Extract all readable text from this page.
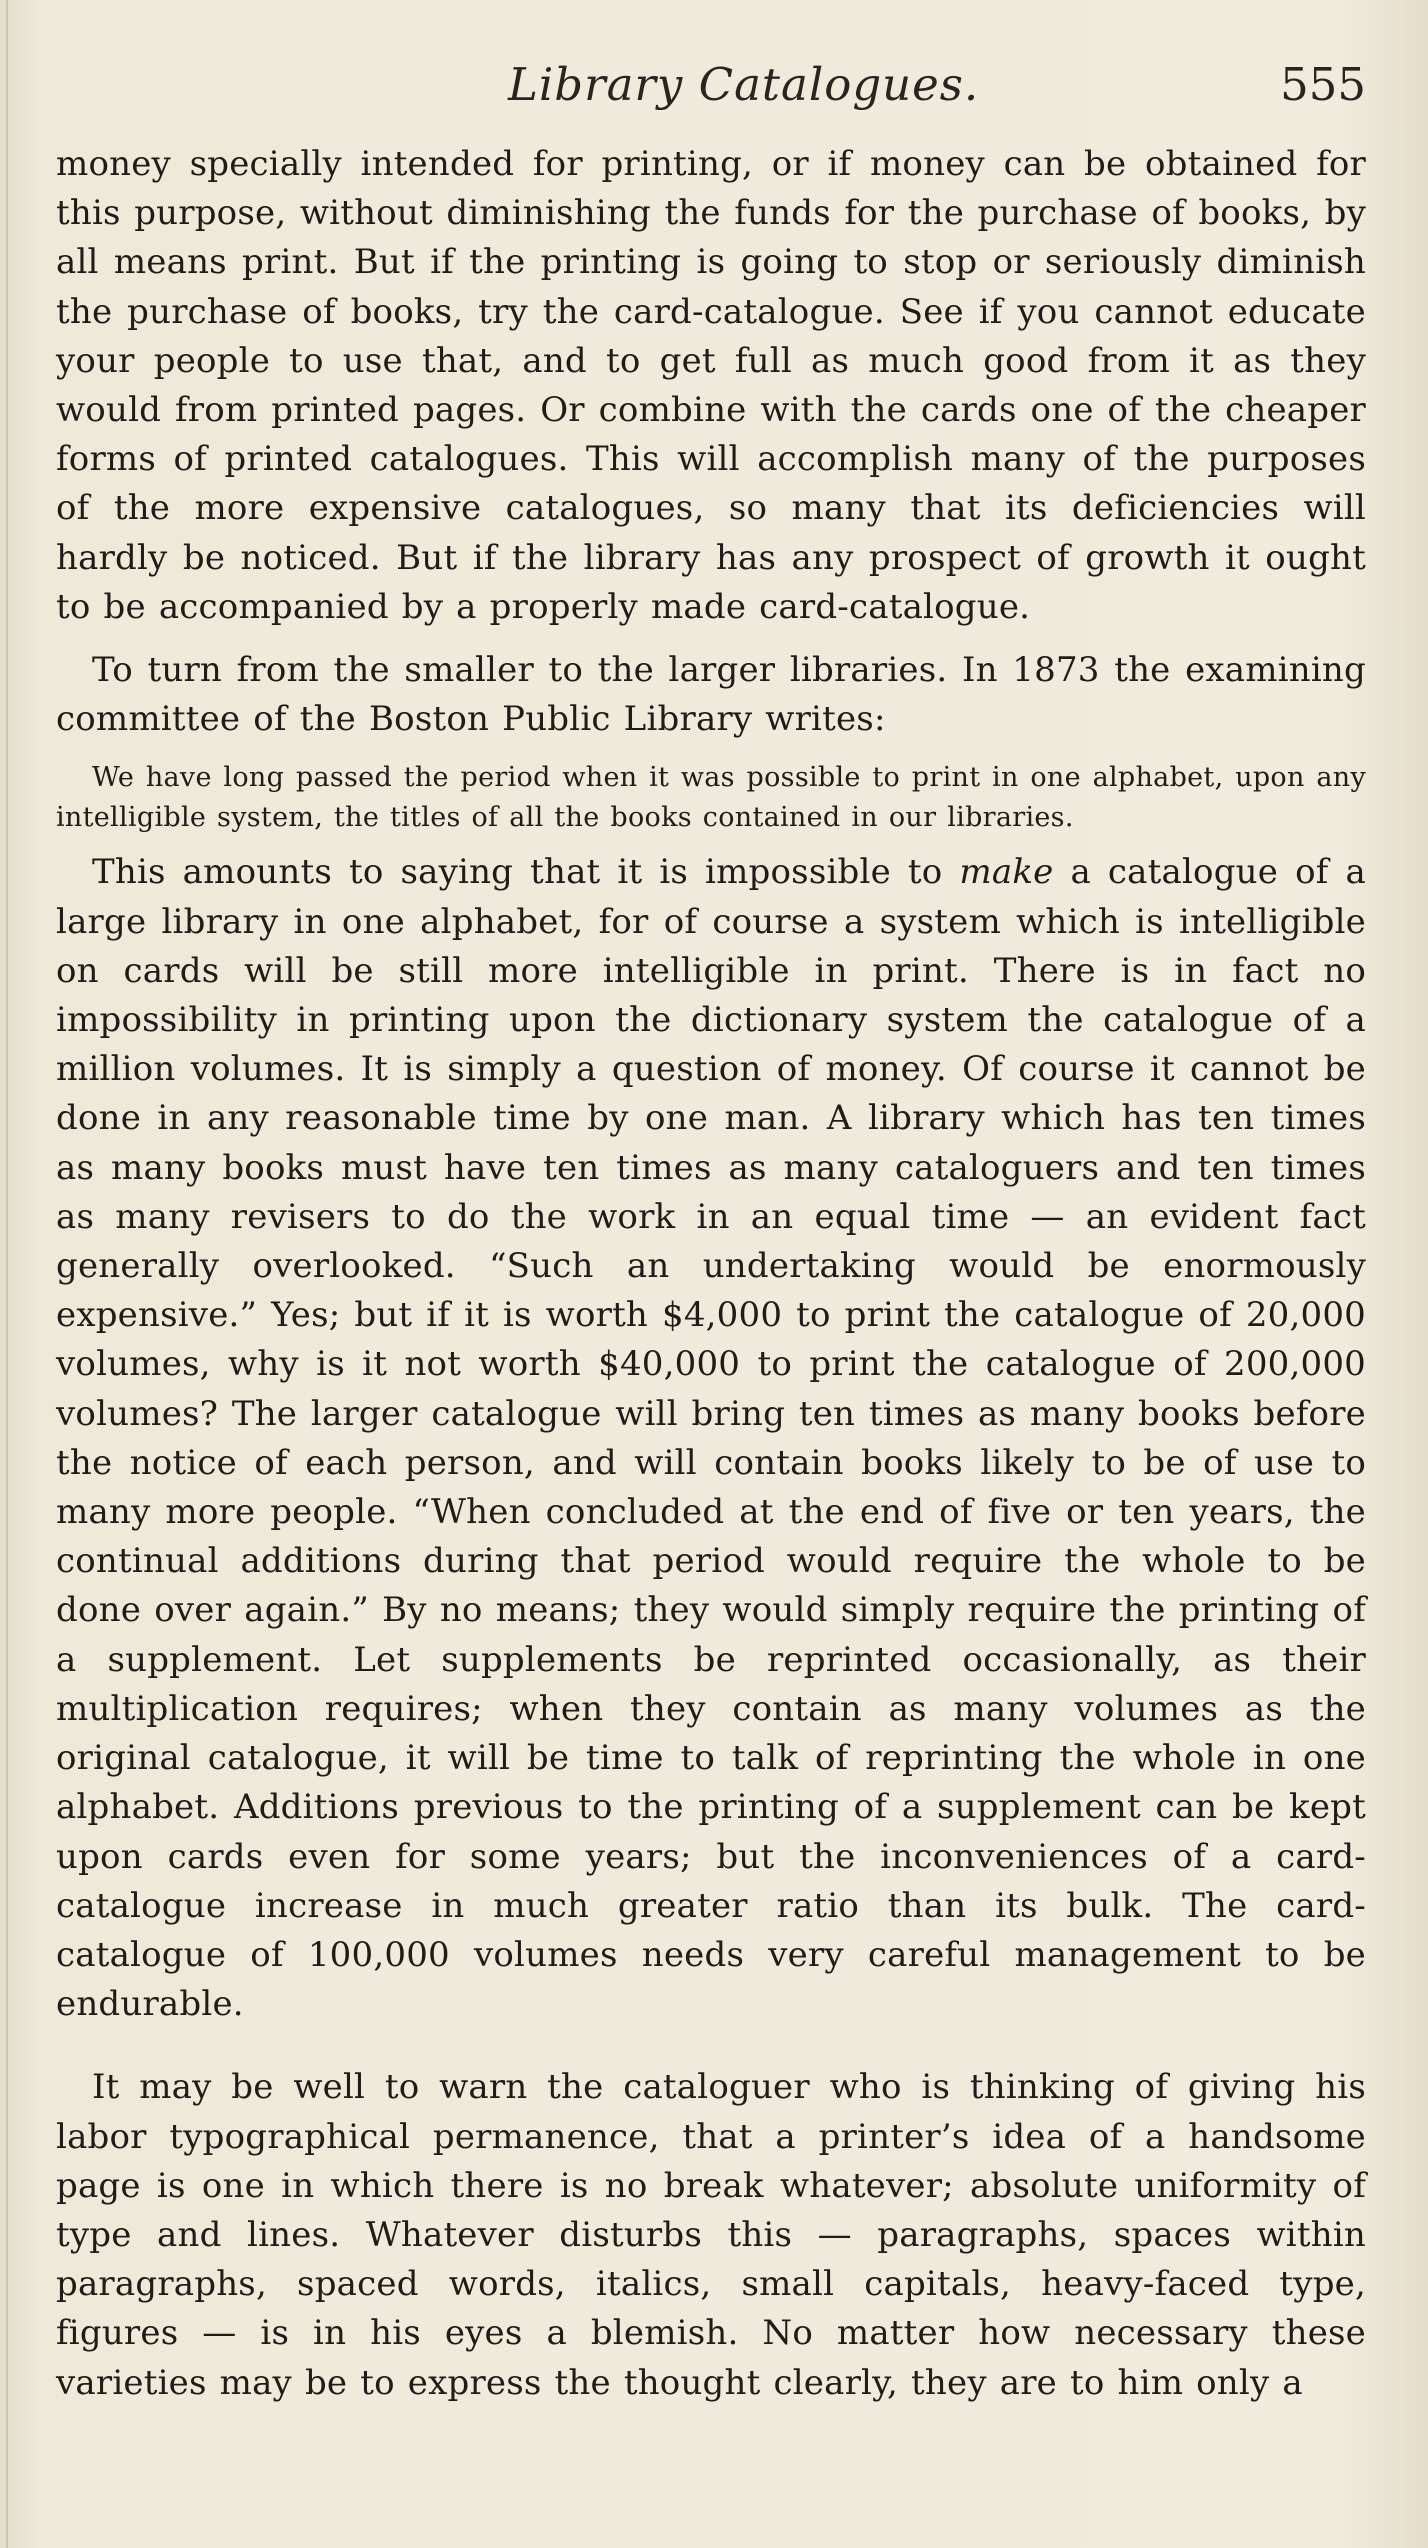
Library Catalogues.	555

money specially intended for printing, or if money can be obtained for this purpose, without diminishing the funds for the purchase of books, by all means print. But if the printing is going to stop or seriously diminish the purchase of books, try the card-catalogue. See if you cannot educate your people to use that, and to get full as much good from it as they would from printed pages. Or combine with the cards one of the cheaper forms of printed catalogues. This will accomplish many of the purposes of the more expensive catalogues, so many that its deficiencies will hardly be noticed. But if the library has any prospect of growth it ought to be accompanied by a properly made card-catalogue.

To turn from the smaller to the larger libraries. In 1873 the examining committee of the Boston Public Library writes:

We have long passed the period when it was possible to print in one alphabet, upon any intelligible system, the titles of all the books contained in our libraries.

This amounts to saying that it is impossible to make a catalogue of a large library in one alphabet, for of course a system which is intelligible on cards will be still more intelligible in print. There is in fact no impossibility in printing upon the dictionary system the catalogue of a million volumes. It is simply a question of money. Of course it cannot be done in any reasonable time by one man. A library which has ten times as many books must have ten times as many cataloguers and ten times as many revisers to do the work in an equal time — an evident fact generally overlooked. “Such an undertaking would be enormously expensive.” Yes; but if it is worth $4,000 to print the catalogue of 20,000 volumes, why is it not worth $40,000 to print the catalogue of 200,000 volumes? The larger catalogue will bring ten times as many books before the notice of each person, and will contain books likely to be of use to many more people. “When concluded at the end of five or ten years, the continual additions during that period would require the whole to be done over again.” By no means; they would simply require the printing of a supplement. Let supplements be reprinted occasionally, as their multiplication requires; when they contain as many volumes as the original catalogue, it will be time to talk of reprinting the whole in one alphabet. Additions previous to the printing of a supplement can be kept upon cards even for some years; but the inconveniences of a card-catalogue increase in much greater ratio than its bulk. The card-catalogue of 100,000 volumes needs very careful management to be endurable.

It may be well to warn the cataloguer who is thinking of giving his labor typographical permanence, that a printer’s idea of a handsome page is one in which there is no break whatever; absolute uniformity of type and lines. Whatever disturbs this — paragraphs, spaces within paragraphs, spaced words, italics, small capitals, heavy-faced type, figures — is in his eyes a blemish. No matter how necessary these varieties may be to express the thought clearly, they are to him only a
